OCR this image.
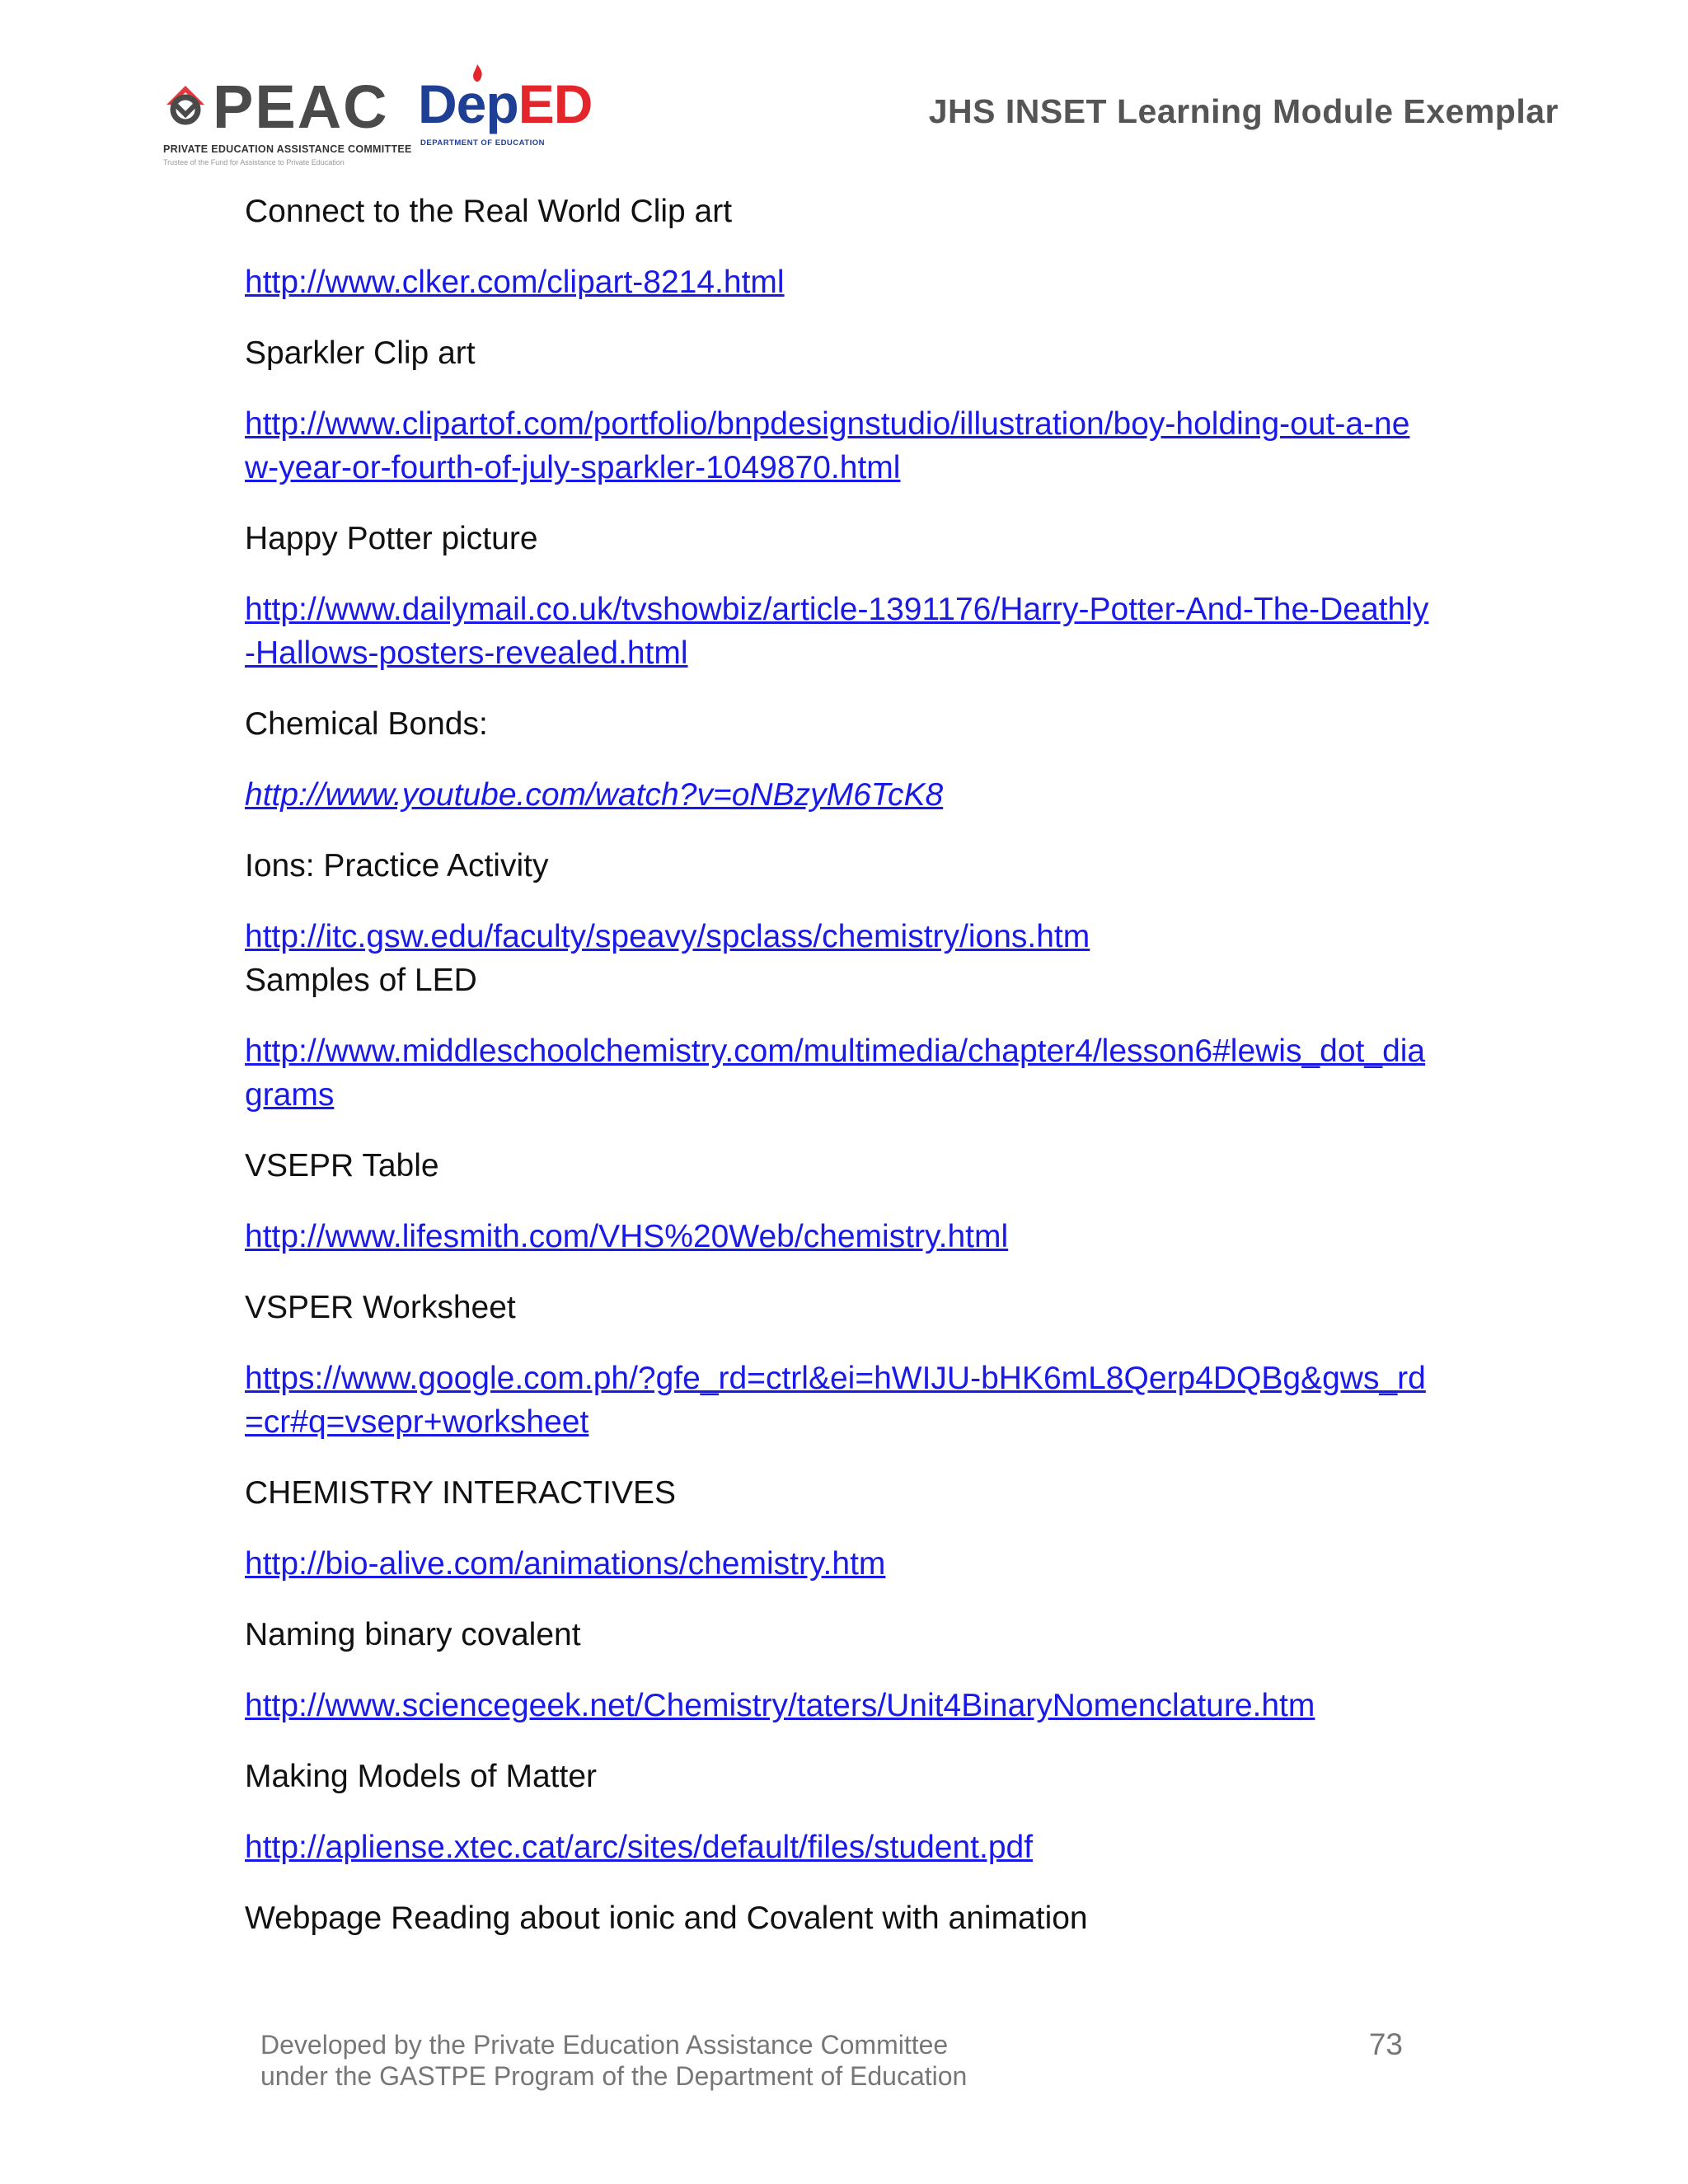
PEAC
PRIVATE EDUCATION ASSISTANCE COMMITTEE
Trustee of the Fund for Assistance to Private Education
DepED
DEPARTMENT OF EDUCATION
JHS INSET Learning Module Exemplar
Connect to the Real World Clip art
http://www.clker.com/clipart-8214.html
Sparkler Clip art
http://www.clipartof.com/portfolio/bnpdesignstudio/illustration/boy-holding-out-a-new-year-or-fourth-of-july-sparkler-1049870.html
Happy Potter picture
http://www.dailymail.co.uk/tvshowbiz/article-1391176/Harry-Potter-And-The-Deathly-Hallows-posters-revealed.html
Chemical Bonds:
http://www.youtube.com/watch?v=oNBzyM6TcK8
Ions: Practice Activity
http://itc.gsw.edu/faculty/speavy/spclass/chemistry/ions.htm
Samples of LED
http://www.middleschoolchemistry.com/multimedia/chapter4/lesson6#lewis_dot_diagrams
VSEPR Table
http://www.lifesmith.com/VHS%20Web/chemistry.html
VSPER Worksheet
https://www.google.com.ph/?gfe_rd=ctrl&ei=hWIJU-bHK6mL8Qerp4DQBg&gws_rd=cr#q=vsepr+worksheet
CHEMISTRY INTERACTIVES
http://bio-alive.com/animations/chemistry.htm
Naming binary covalent
http://www.sciencegeek.net/Chemistry/taters/Unit4BinaryNomenclature.htm
Making Models of Matter
http://apliense.xtec.cat/arc/sites/default/files/student.pdf
Webpage Reading about ionic and Covalent with animation
Developed by the Private Education Assistance Committee
under the GASTPE Program of the Department of Education
73
